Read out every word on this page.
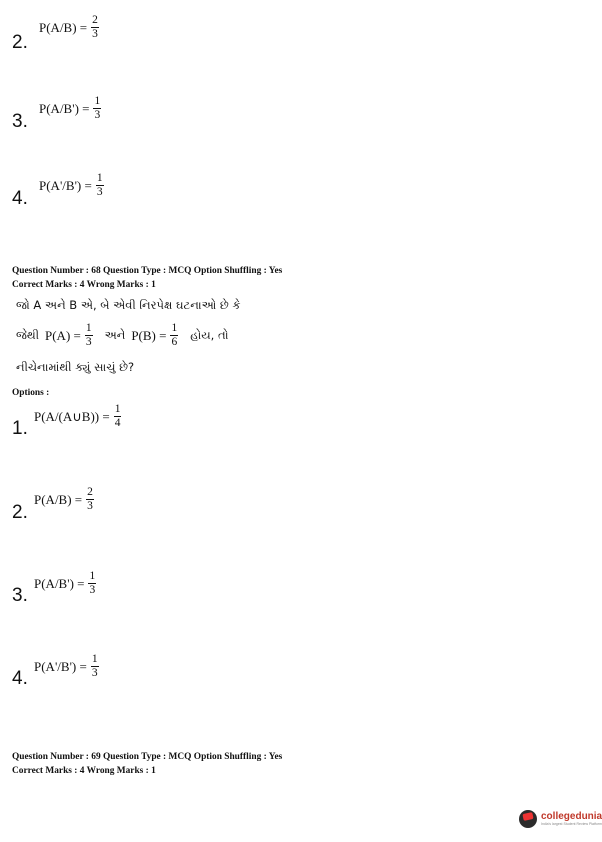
2.
$P(A/B) = \frac{2}{3}$
3.
$P(A/B') = \frac{1}{3}$
4.
$P(A'/B') = \frac{1}{3}$
Question Number : 68 Question Type : MCQ Option Shuffling : Yes
Correct Marks : 4 Wrong Marks : 1
જો A અને B એ, બે એવી નિરપેક્ષ ઘટનાઓ છે કે
જેથી $P(A) = \frac{1}{3}$ અને $P(B) = \frac{1}{6}$ હોય, તો
નીચેનામાંથી ક્યું સાચું છે?
Options :
1.
P(A/(A∪B)) = $\frac{1}{4}$
2.
$P(A/B) = \frac{2}{3}$
3.
$P(A/B') = \frac{1}{3}$
4.
$P(A'/B') = \frac{1}{3}$
Question Number : 69 Question Type : MCQ Option Shuffling : Yes
Correct Marks : 4 Wrong Marks : 1
collegedunia
India's largest Student Review Platform
